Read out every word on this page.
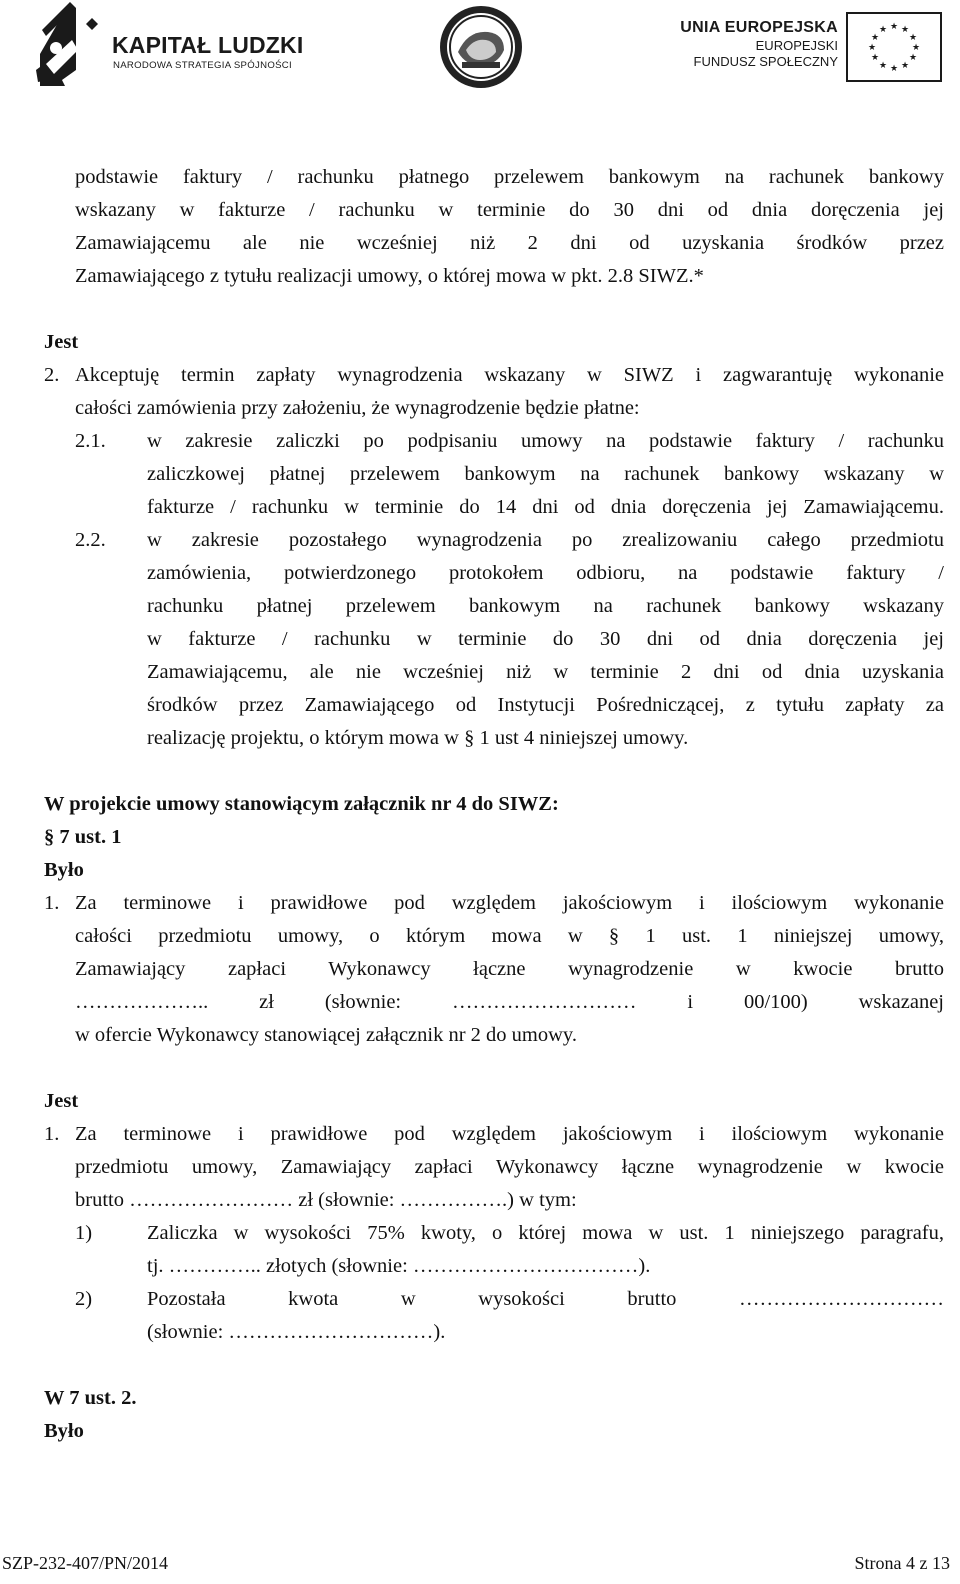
KAPITAŁ LUDZKI
NARODOWA STRATEGIA SPÓJNOŚCI
UNIA EUROPEJSKA
EUROPEJSKI
FUNDUSZ SPOŁECZNY
★ ★
★
★
★
★
★
★
★
★
★
★
podstawie faktury / rachunku płatnego przelewem bankowym na rachunek bankowy
wskazany w fakturze / rachunku w terminie do 30 dni od dnia doręczenia jej
Zamawiającemu ale nie wcześniej niż 2 dni od uzyskania środków przez
Zamawiającego z tytułu realizacji umowy, o której mowa w pkt. 2.8 SIWZ.*
Jest
2. Akceptuję termin zapłaty wynagrodzenia wskazany w SIWZ i zagwarantuję wykonanie
całości zamówienia przy założeniu, że wynagrodzenie będzie płatne:
2.1. w zakresie zaliczki po podpisaniu umowy na podstawie faktury / rachunku
zaliczkowej płatnej przelewem bankowym na rachunek bankowy wskazany w
fakturze / rachunku w terminie do 14 dni od dnia doręczenia jej Zamawiającemu.
2.2. w zakresie pozostałego wynagrodzenia po zrealizowaniu całego przedmiotu
zamówienia, potwierdzonego protokołem odbioru, na podstawie faktury /
rachunku płatnej przelewem bankowym na rachunek bankowy wskazany
w fakturze / rachunku w terminie do 30 dni od dnia doręczenia jej
Zamawiającemu, ale nie wcześniej niż w terminie 2 dni od dnia uzyskania
środków przez Zamawiającego od Instytucji Pośredniczącej, z tytułu zapłaty za
realizację projektu, o którym mowa w § 1 ust 4 niniejszej umowy.
W projekcie umowy stanowiącym załącznik nr 4 do SIWZ:
§ 7 ust. 1
Było
1. Za terminowe i prawidłowe pod względem jakościowym i ilościowym wykonanie
całości przedmiotu umowy, o którym mowa w § 1 ust. 1 niniejszej umowy,
Zamawiający zapłaci Wykonawcy łączne wynagrodzenie w kwocie brutto
……………….. zł (słownie: ……………………… i 00/100) wskazanej
w ofercie Wykonawcy stanowiącej załącznik nr 2 do umowy.
Jest
1. Za terminowe i prawidłowe pod względem jakościowym i ilościowym wykonanie
przedmiotu umowy, Zamawiający zapłaci Wykonawcy łączne wynagrodzenie w kwocie
brutto …………………… zł (słownie: …………….) w tym:
1)	Zaliczka w wysokości 75% kwoty, o której mowa w ust. 1 niniejszego paragrafu,
tj. ………….. złotych (słownie: ……………………………).
2)	Pozostała kwota w wysokości brutto …………………………
(słownie: …………………………).
W 7 ust. 2.
Było
SZP-232-407/PN/2014	Strona 4 z 13
